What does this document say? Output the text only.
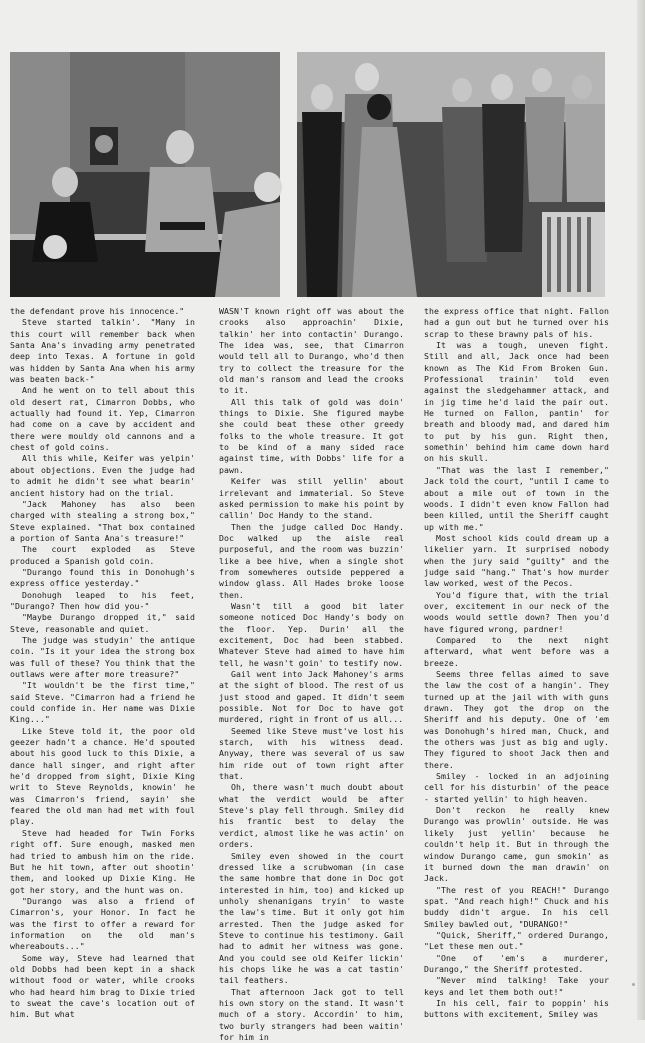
the defendant prove his innocence."

Steve started talkin'. "Many in this court will remember back when Santa Ana's invading army penetrated deep into Texas. A fortune in gold was hidden by Santa Ana when his army was beaten back-"

And he went on to tell about this old desert rat, Cimarron Dobbs, who actually had found it. Yep, Cimarron had come on a cave by accident and there were mouldy old cannons and a chest of gold coins.

All this while, Keifer was yelpin' about objections. Even the judge had to admit he didn't see what bearin' ancient history had on the trial.

"Jack Mahoney has also been charged with stealing a strong box," Steve explained. "That box contained a portion of Santa Ana's treasure!"

The court exploded as Steve produced a Spanish gold coin.

"Durango found this in Donohugh's express office yesterday."

Donohugh leaped to his feet, "Durango? Then how did you-"

"Maybe Durango dropped it," said Steve, reasonable and quiet.

The judge was studyin' the antique coin. "Is it your idea the strong box was full of these? You think that the outlaws were after more treasure?"

"It wouldn't be the first time," said Steve. "Cimarron had a friend he could confide in. Her name was Dixie King..."

Like Steve told it, the poor old geezer hadn't a chance. He'd spouted about his good luck to this Dixie, a dance hall singer, and right after he'd dropped from sight, Dixie King writ to Steve Reynolds, knowin' he was Cimarron's friend, sayin' she feared the old man had met with foul play.

Steve had headed for Twin Forks right off. Sure enough, masked men had tried to ambush him on the ride. But he hit town, after out shootin' them, and looked up Dixie King. He got her story, and the hunt was on.

"Durango was also a friend of Cimarron's, your Honor. In fact he was the first to offer a reward for information on the old man's whereabouts..."

Some way, Steve had learned that old Dobbs had been kept in a shack without food or water, while crooks who had heard him brag to Dixie tried to sweat the cave's location out of him. But what

WASN'T known right off was about the crooks also approachin' Dixie, talkin' her into contactin' Durango. The idea was, see, that Cimarron would tell all to Durango, who'd then try to collect the treasure for the old man's ransom and lead the crooks to it.

All this talk of gold was doin' things to Dixie. She figured maybe she could beat these other greedy folks to the whole treasure. It got to be kind of a many sided race against time, with Dobbs' life for a pawn.

Keifer was still yellin' about irrelevant and immaterial. So Steve asked permission to make his point by callin' Doc Handy to the stand.

Then the judge called Doc Handy. Doc walked up the aisle real purposeful, and the room was buzzin' like a bee hive, when a single shot from somewheres outside peppered a window glass. All Hades broke loose then.

Wasn't till a good bit later someone noticed Doc Handy's body on the floor. Yep. Durin' all the excitement, Doc had been stabbed. Whatever Steve had aimed to have him tell, he wasn't goin' to testify now.

Gail went into Jack Mahoney's arms at the sight of blood. The rest of us just stood and gaped. It didn't seem possible. Not for Doc to have got murdered, right in front of us all...

Seemed like Steve must've lost his starch, with his witness dead. Anyway, there was several of us saw him ride out of town right after that.

Oh, there wasn't much doubt about what the verdict would be after Steve's play fell through. Smiley did his frantic best to delay the verdict, almost like he was actin' on orders.

Smiley even showed in the court dressed like a scrubwoman (in case the same hombre that done in Doc got interested in him, too) and kicked up unholy shenanigans tryin' to waste the law's time. But it only got him arrested. Then the judge asked for Steve to continue his testimony. Gail had to admit her witness was gone. And you could see old Keifer lickin' his chops like he was a cat tastin' tail feathers.

That afternoon Jack got to tell his own story on the stand. It wasn't much of a story. Accordin' to him, two burly strangers had been waitin' for him in

the express office that night. Fallon had a gun out but he turned over his scrap to these brawny pals of his.

It was a tough, uneven fight. Still and all, Jack once had been known as The Kid From Broken Gun. Professional trainin' told even against the sledgehammer attack, and in jig time he'd laid the pair out. He turned on Fallon, pantin' for breath and bloody mad, and dared him to put by his gun. Right then, somethin' behind him came down hard on his skull.

"That was the last I remember," Jack told the court, "until I came to about a mile out of town in the woods. I didn't even know Fallon had been killed, until the Sheriff caught up with me."

Most school kids could dream up a likelier yarn. It surprised nobody when the jury said "guilty" and the judge said "hang." That's how murder law worked, west of the Pecos.

You'd figure that, with the trial over, excitement in our neck of the woods would settle down? Then you'd have figured wrong, pardner!

Compared to the next night afterward, what went before was a breeze.

Seems three fellas aimed to save the law the cost of a hangin'. They turned up at the jail with with guns drawn. They got the drop on the Sheriff and his deputy. One of 'em was Donohugh's hired man, Chuck, and the others was just as big and ugly. They figured to shoot Jack then and there.

Smiley - locked in an adjoining cell for his disturbin' of the peace - started yellin' to high heaven.

Don't reckon he really knew Durango was prowlin' outside. He was likely just yellin' because he couldn't help it. But in through the window Durango came, gun smokin' as it burned down the man drawin' on Jack.

"The rest of you REACH!" Durango spat. "And reach high!" Chuck and his buddy didn't argue. In his cell Smiley bawled out, "DURANGO!"

"Quick, Sheriff," ordered Durango, "Let these men out."

"One of 'em's a murderer, Durango," the Sheriff protested.

"Never mind talking! Take your keys and let them both out!"

In his cell, fair to poppin' his buttons with excitement, Smiley was
